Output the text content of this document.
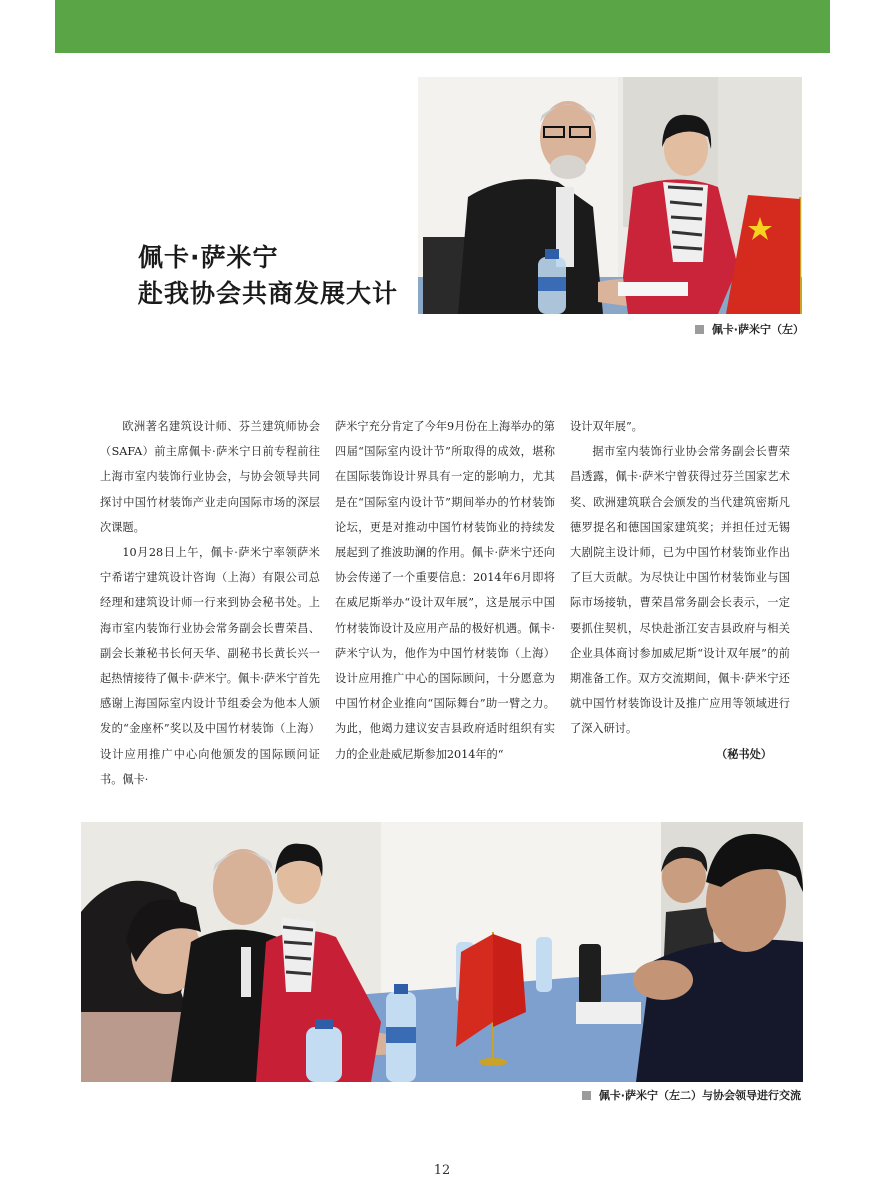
佩卡·萨米宁
赴我协会共商发展大计
佩卡·萨米宁（左）

欧洲著名建筑设计师、芬兰建筑师协会（SAFA）前主席佩卡·萨米宁日前专程前往上海市室内装饰行业协会，与协会领导共同探讨中国竹材装饰产业走向国际市场的深层次课题。

10月28日上午，佩卡·萨米宁率领萨米宁希诺宁建筑设计咨询（上海）有限公司总经理和建筑设计师一行来到协会秘书处。上海市室内装饰行业协会常务副会长曹荣昌、副会长兼秘书长何天华、副秘书长黄长兴一起热情接待了佩卡·萨米宁。佩卡·萨米宁首先感谢上海国际室内设计节组委会为他本人颁发的“金座杯”奖以及中国竹材装饰（上海）设计应用推广中心向他颁发的国际顾问证书。佩卡·

萨米宁充分肯定了今年9月份在上海举办的第四届“国际室内设计节”所取得的成效，堪称在国际装饰设计界具有一定的影响力，尤其是在“国际室内设计节”期间举办的竹材装饰论坛，更是对推动中国竹材装饰业的持续发展起到了推波助澜的作用。佩卡·萨米宁还向协会传递了一个重要信息：2014年6月即将在威尼斯举办“设计双年展”，这是展示中国竹材装饰设计及应用产品的极好机遇。佩卡·萨米宁认为，他作为中国竹材装饰（上海）设计应用推广中心的国际顾问，十分愿意为中国竹材企业推向“国际舞台”助一臂之力。为此，他竭力建议安吉县政府适时组织有实力的企业赴威尼斯参加2014年的“

设计双年展”。

据市室内装饰行业协会常务副会长曹荣昌透露，佩卡·萨米宁曾获得过芬兰国家艺术奖、欧洲建筑联合会颁发的当代建筑密斯凡德罗提名和德国国家建筑奖；并担任过无锡大剧院主设计师，已为中国竹材装饰业作出了巨大贡献。为尽快让中国竹材装饰业与国际市场接轨，曹荣昌常务副会长表示，一定要抓住契机，尽快赴浙江安吉县政府与相关企业具体商讨参加威尼斯“设计双年展”的前期准备工作。双方交流期间，佩卡·萨米宁还就中国竹材装饰设计及推广应用等领域进行了深入研讨。

（秘书处）

佩卡·萨米宁（左二）与协会领导进行交流
12
